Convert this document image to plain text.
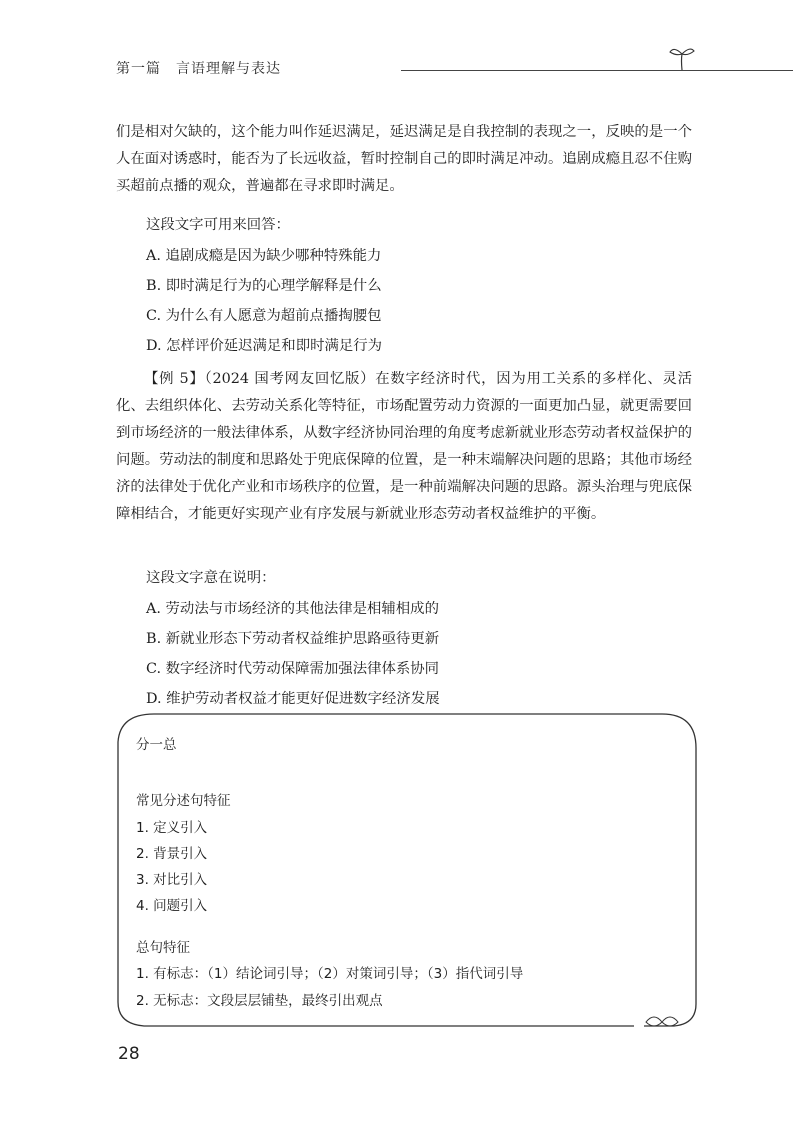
第一篇　言语理解与表达

们是相对欠缺的，这个能力叫作延迟满足，延迟满足是自我控制的表现之一，反映的是一个人在面对诱惑时，能否为了长远收益，暂时控制自己的即时满足冲动。追剧成瘾且忍不住购买超前点播的观众，普遍都在寻求即时满足。

这段文字可用来回答：

A. 追剧成瘾是因为缺少哪种特殊能力
B. 即时满足行为的心理学解释是什么
C. 为什么有人愿意为超前点播掏腰包
D. 怎样评价延迟满足和即时满足行为

【例 5】（2024 国考网友回忆版）在数字经济时代，因为用工关系的多样化、灵活化、去组织体化、去劳动关系化等特征，市场配置劳动力资源的一面更加凸显，就更需要回到市场经济的一般法律体系，从数字经济协同治理的角度考虑新就业形态劳动者权益保护的问题。劳动法的制度和思路处于兜底保障的位置，是一种末端解决问题的思路；其他市场经济的法律处于优化产业和市场秩序的位置，是一种前端解决问题的思路。源头治理与兜底保障相结合，才能更好实现产业有序发展与新就业形态劳动者权益维护的平衡。

这段文字意在说明：

A. 劳动法与市场经济的其他法律是相辅相成的
B. 新就业形态下劳动者权益维护思路亟待更新
C. 数字经济时代劳动保障需加强法律体系协同
D. 维护劳动者权益才能更好促进数字经济发展
分一总
常见分述句特征
1. 定义引入
2. 背景引入
3. 对比引入
4. 问题引入
总句特征
1. 有标志：（1）结论词引导；（2）对策词引导；（3）指代词引导
2. 无标志：文段层层铺垫，最终引出观点
28
